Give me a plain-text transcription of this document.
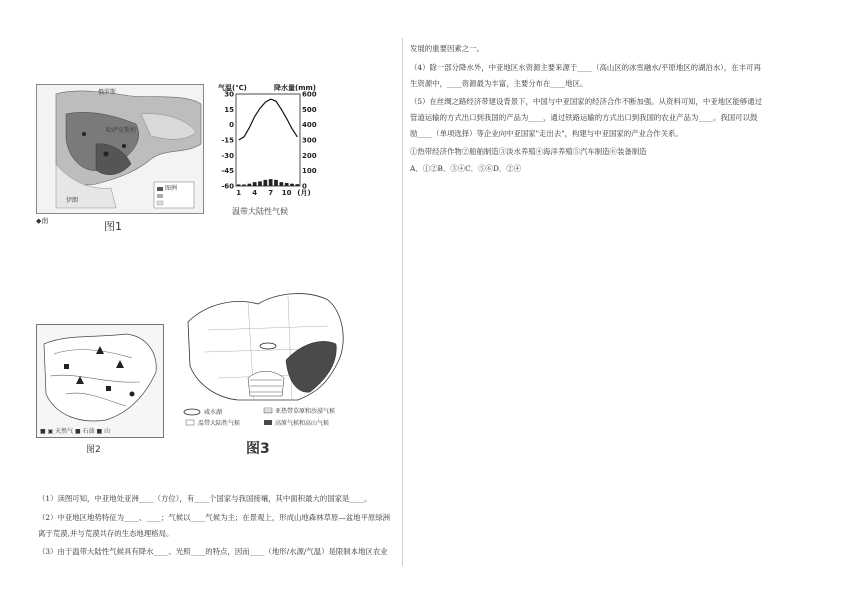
俄罗斯
哈萨克斯坦
伊朗
图例
◆南	图1
气温(℃)	降水量(mm)
30
15
0
-15
-30
-45
-60
600
500
400
300
200
100
0
1 4 7 10 (月)
温带大陆性气候
■ ▣ 天然气 ■ 石油 ■ 山
图2
咸水湖	亚热带草原和沙漠气候
温带大陆性气候	高原气候和高山气候
图3
（1）读图可知，中亚地处亚洲____（方位），有____个国家与我国接壤，其中面积最大的国家是____。
（2）中亚地区地势特征为____、____；气候以____气候为主；在景观上，形成山地森林草原—盆地平原绿洲
离于荒漠,并与荒漠共存的生态地理格局。
（3）由于温带大陆性气候具有降水____、光照____的特点，因而____（地形/水源/气温）是限制本地区农业
发展的重要因素之一。
（4）除一部分降水外，中亚地区水资源主要来源于____（高山区的冰雪融水/平原地区的湖泊水），在丰可再
生资源中，____资源最为丰富，主要分布在____地区。
（5）在丝绸之路经济带建设背景下，中国与中亚国家的经济合作不断加强。从资料可知，中亚地区能够通过
管道运输的方式出口到我国的产品为____，通过铁路运输的方式出口到我国的农业产品为____。我国可以鼓
励____（单项选择）等企业向中亚国家"走出去"，构建与中亚国家的产业合作关系。
①热带经济作物②船舶制造③淡水养殖④海洋养殖⑤汽车制造⑥装备制造
A．①②B．③④C．⑤⑥D．②④
